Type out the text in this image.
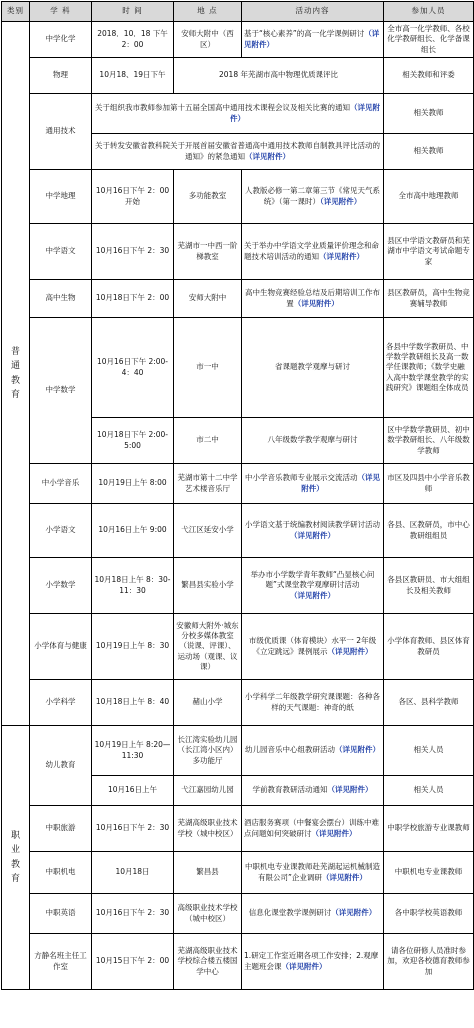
类别	学 科	时 间	地 点	活动内容	参加人员

普
通
教
育	中学化学	2018．10．18 下午 2：00	安师大附中（西区）	基于“核心素养”的高一化学课例研讨（详见附件）	全市高一化学教师、各校化学教研组长、化学备课组长
	物理	10月18、19日下午	2018 年芜湖市高中物理优质课评比		相关教师和评委
	通用技术	关于组织我市教师参加第十五届全国高中通用技术课程会议及相关比赛的通知（详见附件）			相关教师
		关于转发安徽省教科院关于开展首届安徽省普通高中通用技术教师自制教具评比活动的通知》的紧急通知（详见附件）			相关教师
	中学地理	10月16日下午 2：00 开始	多功能教室	人教版必修一第二章第三节《常见天气系统》（第一课时）（详见附件）	全市高中地理教师
	中学语文	10月16日下午 2：30	芜湖市一中西一阶梯教室	关于举办中学语文学业质量评价理念和命题技术培训活动的通知（详见附件）	县区中学语文教研员和芜湖市中学语文考试命题专家
	高中生物	10月18日下午 2：00	安师大附中	高中生物竞赛经验总结及后期培训工作布置（详见附件）	县区教研员，高中生物竞赛辅导教师
	中学数学	10月16日下午 2:00-4：40	市一中	省课题教学观摩与研讨	各县中学数学教研员、中学数学教研组长及高一数学任课教师；《数学史融入高中数学课堂教学的实践研究》课题组全体成员
		10月18日下午 2:00-5:00	市二中	八年级数学教学观摩与研讨	区中学数学教研员、初中数学教研组长、八年级数学教师
	中小学音乐	10月19日上午 8:00	芜湖市第十二中学艺术楼音乐厅	中小学音乐教师专业展示交流活动（详见附件）	市区及四县中小学音乐教师
	小学语文	10月16日上午 9:00	弋江区延安小学	小学语文基于统编教材阅读教学研讨活动（详见附件）	各县、区教研员，市中心教研组组员
	小学数学	10月18日上午 8：30-11：30	繁昌县实验小学	举办市小学数学青年教师“凸显核心问题”式课堂教学观摩研讨活动（详见附件）	各县区教研员、市大组组长及相关教师
	小学体育与健康	10月19日上午 8：30	安徽师大附外·城东分校多媒体教室（说课、评课）、运动场（观课、议课）	市级优质课（体育模块）水平一 2年级《立定跳远》课例展示（详见附件）	小学体育教师、县区体育教研员
	小学科学	10月18日上午 8：40	赭山小学	小学科学二年级教学研究课课题：各种各样的天气课题：神奇的纸	各区、县科学教师

职
业
教
育	幼儿教育	10月19日上午 8:20—11:30	长江湾实验幼儿园（长江湾小区内）多功能厅	幼儿园音乐中心组教研活动（详见附件）	相关人员
		10月16日上午	弋江嘉园幼儿园	学前教育教研活动通知（详见附件）	相关人员
	中职旅游	10月16日下午 2：30	芜湖高级职业技术学校（城中校区）	酒店服务赛项（中餐宴会摆台）训练中难点问题如何突破研讨（详见附件）	中职学校旅游专业课教师
	中职机电	10月18日	繁昌县	中职机电专业课教师赴芜湖起运机械制造有限公司”企业调研（详见附件）	中职机电专业课教师
	中职英语	10月16日下午 2：30	高级职业技术学校（城中校区）	信息化课堂教学课例研讨（详见附件）	各中职学校英语教师
	方静名班主任工作室	10月15日下午 2：00	芜湖高级职业技术学校综合楼五楼国学中心	1.研定工作室近期各项工作安排；2.观摩主题班会课（详见附件）	请各位研修人员准时参加，欢迎各校德育教师参加
